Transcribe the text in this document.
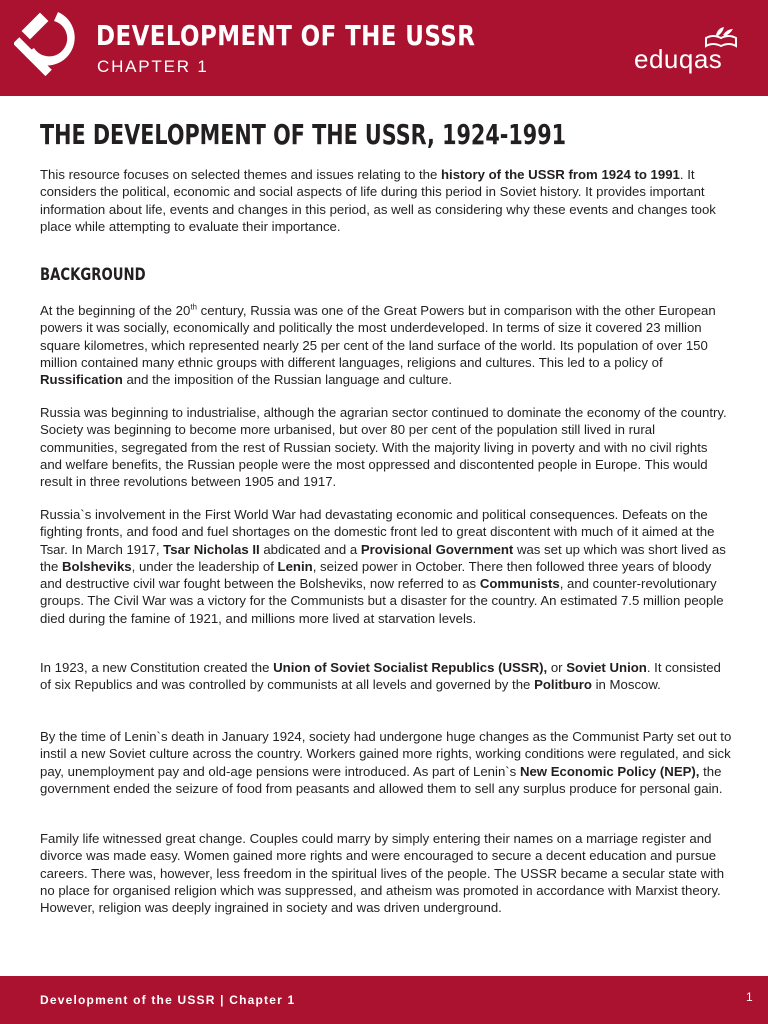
DEVELOPMENT OF THE USSR
CHAPTER 1	eduqas
THE DEVELOPMENT OF THE USSR, 1924-1991

This resource focuses on selected themes and issues relating to the history of the USSR from 1924 to 1991. It considers the political, economic and social aspects of life during this period in Soviet history. It provides important information about life, events and changes in this period, as well as considering why these events and changes took place while attempting to evaluate their importance.

BACKGROUND

At the beginning of the 20th century, Russia was one of the Great Powers but in comparison with the other European powers it was socially, economically and politically the most underdeveloped. In terms of size it covered 23 million square kilometres, which represented nearly 25 per cent of the land surface of the world. Its population of over 150 million contained many ethnic groups with different languages, religions and cultures. This led to a policy of Russification and the imposition of the Russian language and culture.

Russia was beginning to industrialise, although the agrarian sector continued to dominate the economy of the country. Society was beginning to become more urbanised, but over 80 per cent of the population still lived in rural communities, segregated from the rest of Russian society. With the majority living in poverty and with no civil rights and welfare benefits, the Russian people were the most oppressed and discontented people in Europe. This would result in three revolutions between 1905 and 1917.

Russia`s involvement in the First World War had devastating economic and political consequences. Defeats on the fighting fronts, and food and fuel shortages on the domestic front led to great discontent with much of it aimed at the Tsar. In March 1917, Tsar Nicholas II abdicated and a Provisional Government was set up which was short lived as the Bolsheviks, under the leadership of Lenin, seized power in October. There then followed three years of bloody and destructive civil war fought between the Bolsheviks, now referred to as Communists, and counter-revolutionary groups. The Civil War was a victory for the Communists but a disaster for the country. An estimated 7.5 million people died during the famine of 1921, and millions more lived at starvation levels.

In 1923, a new Constitution created the Union of Soviet Socialist Republics (USSR), or Soviet Union. It consisted of six Republics and was controlled by communists at all levels and governed by the Politburo in Moscow.

By the time of Lenin`s death in January 1924, society had undergone huge changes as the Communist Party set out to instil a new Soviet culture across the country. Workers gained more rights, working conditions were regulated, and sick pay, unemployment pay and old-age pensions were introduced. As part of Lenin`s New Economic Policy (NEP), the government ended the seizure of food from peasants and allowed them to sell any surplus produce for personal gain.

Family life witnessed great change. Couples could marry by simply entering their names on a marriage register and divorce was made easy. Women gained more rights and were encouraged to secure a decent education and pursue careers. There was, however, less freedom in the spiritual lives of the people. The USSR became a secular state with no place for organised religion which was suppressed, and atheism was promoted in accordance with Marxist theory. However, religion was deeply ingrained in society and was driven underground.

Development of the USSR | Chapter 1	1
